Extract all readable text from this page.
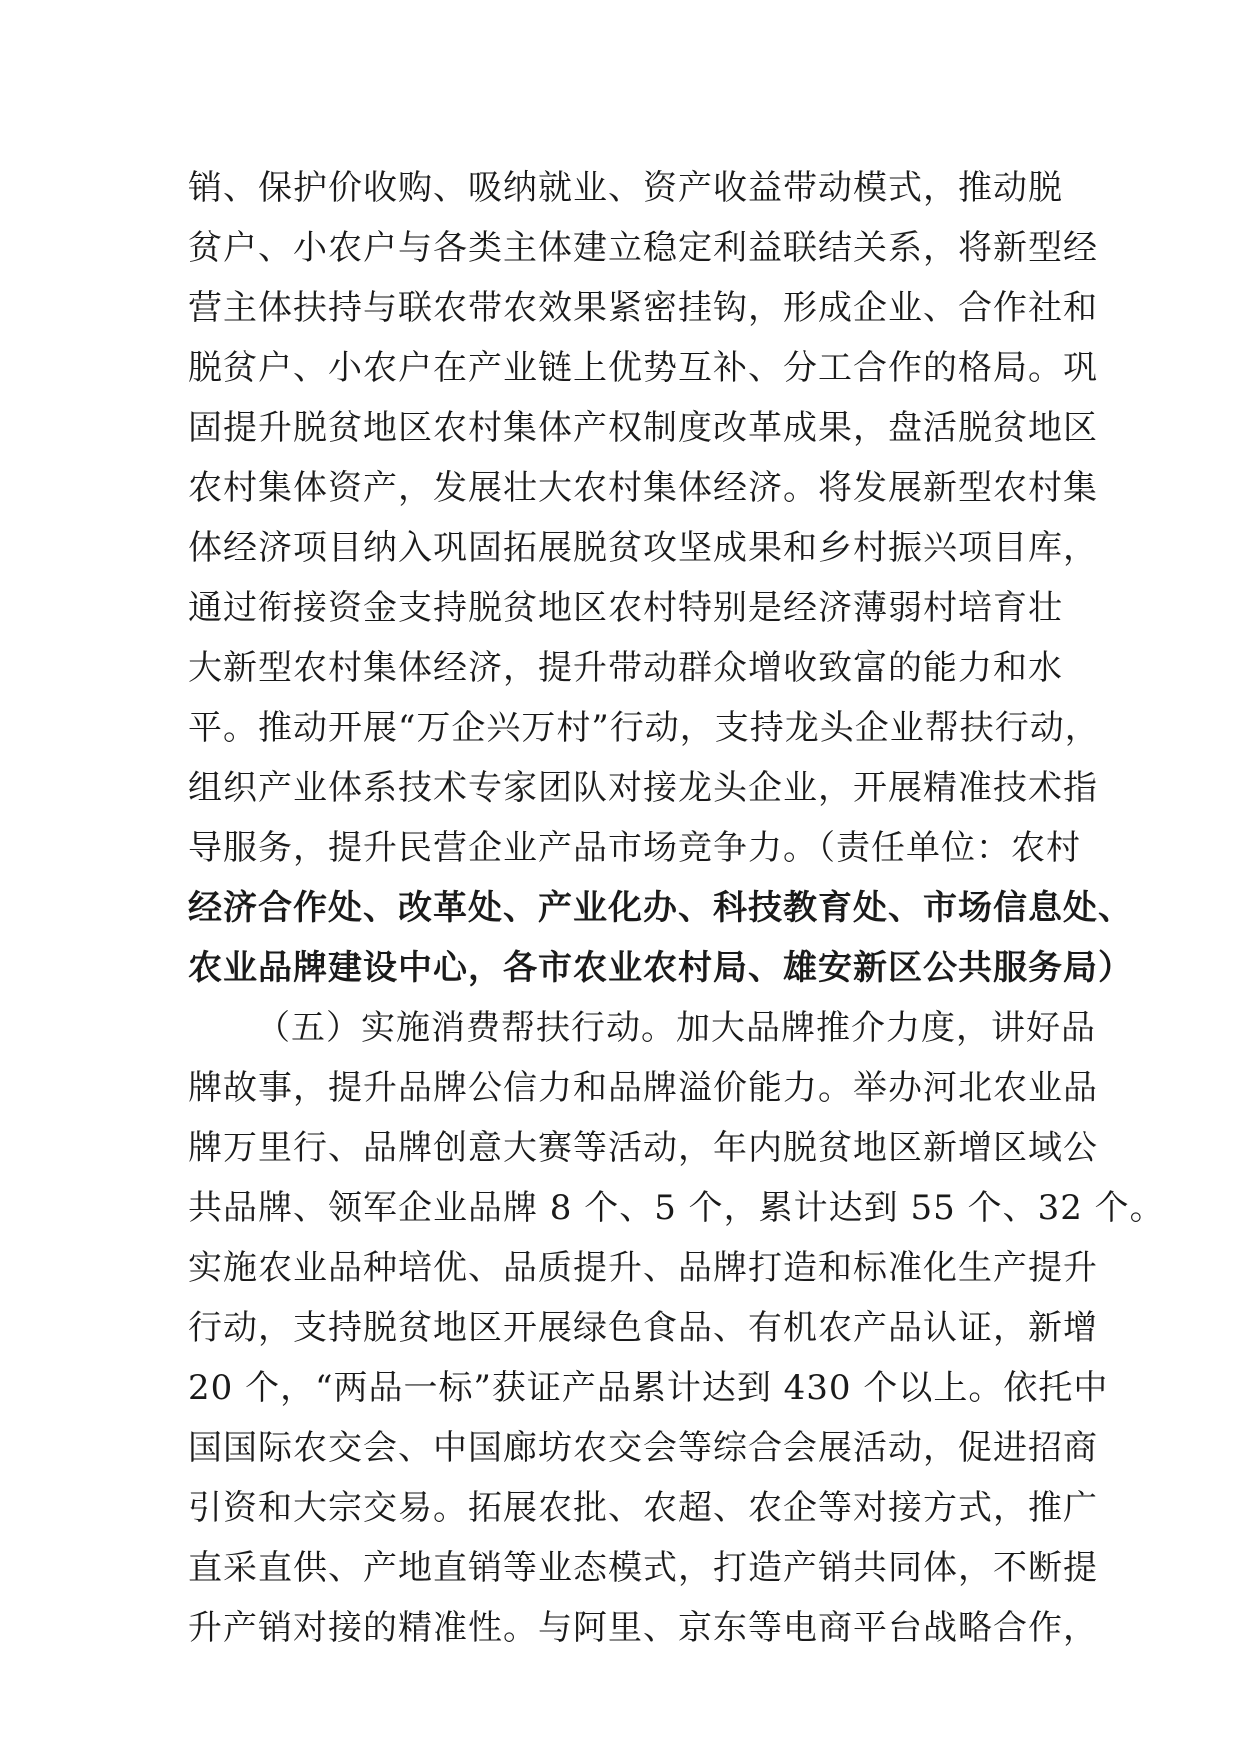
销、保护价收购、吸纳就业、资产收益带动模式，推动脱
贫户、小农户与各类主体建立稳定利益联结关系，将新型经
营主体扶持与联农带农效果紧密挂钩，形成企业、合作社和
脱贫户、小农户在产业链上优势互补、分工合作的格局。巩
固提升脱贫地区农村集体产权制度改革成果，盘活脱贫地区
农村集体资产，发展壮大农村集体经济。将发展新型农村集
体经济项目纳入巩固拓展脱贫攻坚成果和乡村振兴项目库，
通过衔接资金支持脱贫地区农村特别是经济薄弱村培育壮
大新型农村集体经济，提升带动群众增收致富的能力和水
平。推动开展“万企兴万村”行动，支持龙头企业帮扶行动，
组织产业体系技术专家团队对接龙头企业，开展精准技术指
导服务，提升民营企业产品市场竞争力。（责任单位：农村
经济合作处、改革处、产业化办、科技教育处、市场信息处、
农业品牌建设中心，各市农业农村局、雄安新区公共服务局）
（五）实施消费帮扶行动。加大品牌推介力度，讲好品
牌故事，提升品牌公信力和品牌溢价能力。举办河北农业品
牌万里行、品牌创意大赛等活动，年内脱贫地区新增区域公
共品牌、领军企业品牌 8 个、5 个，累计达到 55 个、32 个。
实施农业品种培优、品质提升、品牌打造和标准化生产提升
行动，支持脱贫地区开展绿色食品、有机农产品认证，新增
20 个，“两品一标”获证产品累计达到 430 个以上。依托中
国国际农交会、中国廊坊农交会等综合会展活动，促进招商
引资和大宗交易。拓展农批、农超、农企等对接方式，推广
直采直供、产地直销等业态模式，打造产销共同体，不断提
升产销对接的精准性。与阿里、京东等电商平台战略合作，
